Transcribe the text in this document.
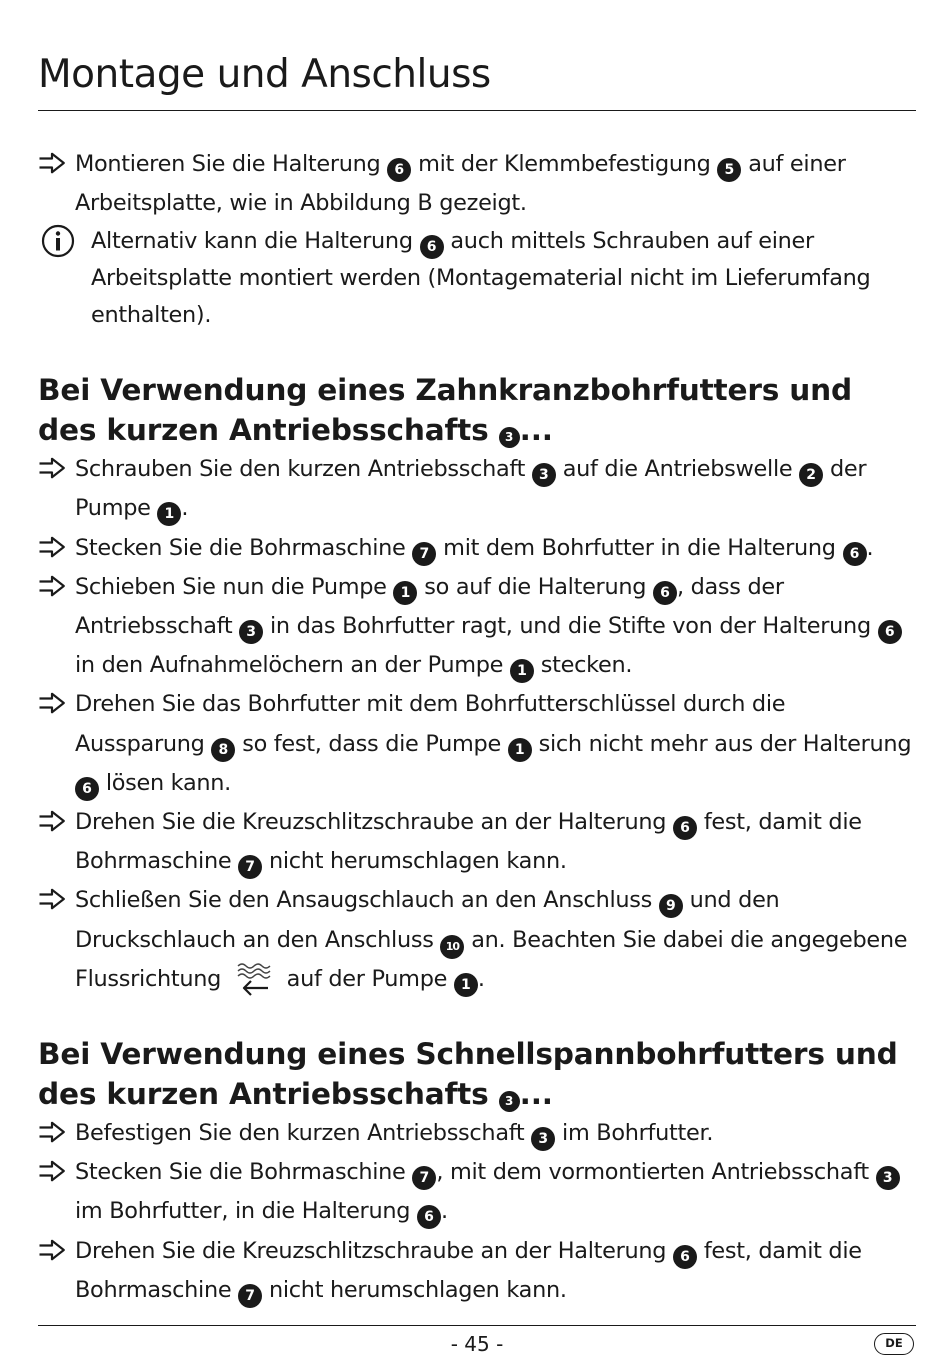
Montage und Anschluss
Montieren Sie die Halterung 6 mit der Klemmbefestigung 5 auf einer Arbeitsplatte, wie in Abbildung B gezeigt.
Alternativ kann die Halterung 6 auch mittels Schrauben auf einer Arbeitsplatte montiert werden (Montagematerial nicht im Lieferumfang enthalten).
Bei Verwendung eines Zahnkranzbohrfutters und des kurzen Antriebsschafts 3 ...
Schrauben Sie den kurzen Antriebsschaft 3 auf die Antriebswelle 2 der Pumpe 1 .
Stecken Sie die Bohrmaschine 7 mit dem Bohrfutter in die Halterung 6 .
Schieben Sie nun die Pumpe 1 so auf die Halterung 6 , dass der Antriebsschaft 3 in das Bohrfutter ragt, und die Stifte von der Halterung 6 in den Aufnahmelöchern an der Pumpe 1 stecken.
Drehen Sie das Bohrfutter mit dem Bohrfutterschlüssel durch die Aussparung 8 so fest, dass die Pumpe 1 sich nicht mehr aus der Halterung 6 lösen kann.
Drehen Sie die Kreuzschlitzschraube an der Halterung 6 fest, damit die Bohrmaschine 7 nicht herumschlagen kann.
Schließen Sie den Ansaugschlauch an den Anschluss 9 und den Druckschlauch an den Anschluss 10 an. Beachten Sie dabei die angegebene Flussrichtung  auf der Pumpe 1 .
Bei Verwendung eines Schnellspannbohrfutters und des kurzen Antriebsschafts 3 ...
Befestigen Sie den kurzen Antriebsschaft 3 im Bohrfutter.
Stecken Sie die Bohrmaschine 7 , mit dem vormontierten Antriebsschaft 3 im Bohrfutter, in die Halterung 6 .
Drehen Sie die Kreuzschlitzschraube an der Halterung 6 fest, damit die Bohrmaschine 7 nicht herumschlagen kann.
- 45 -	DE
